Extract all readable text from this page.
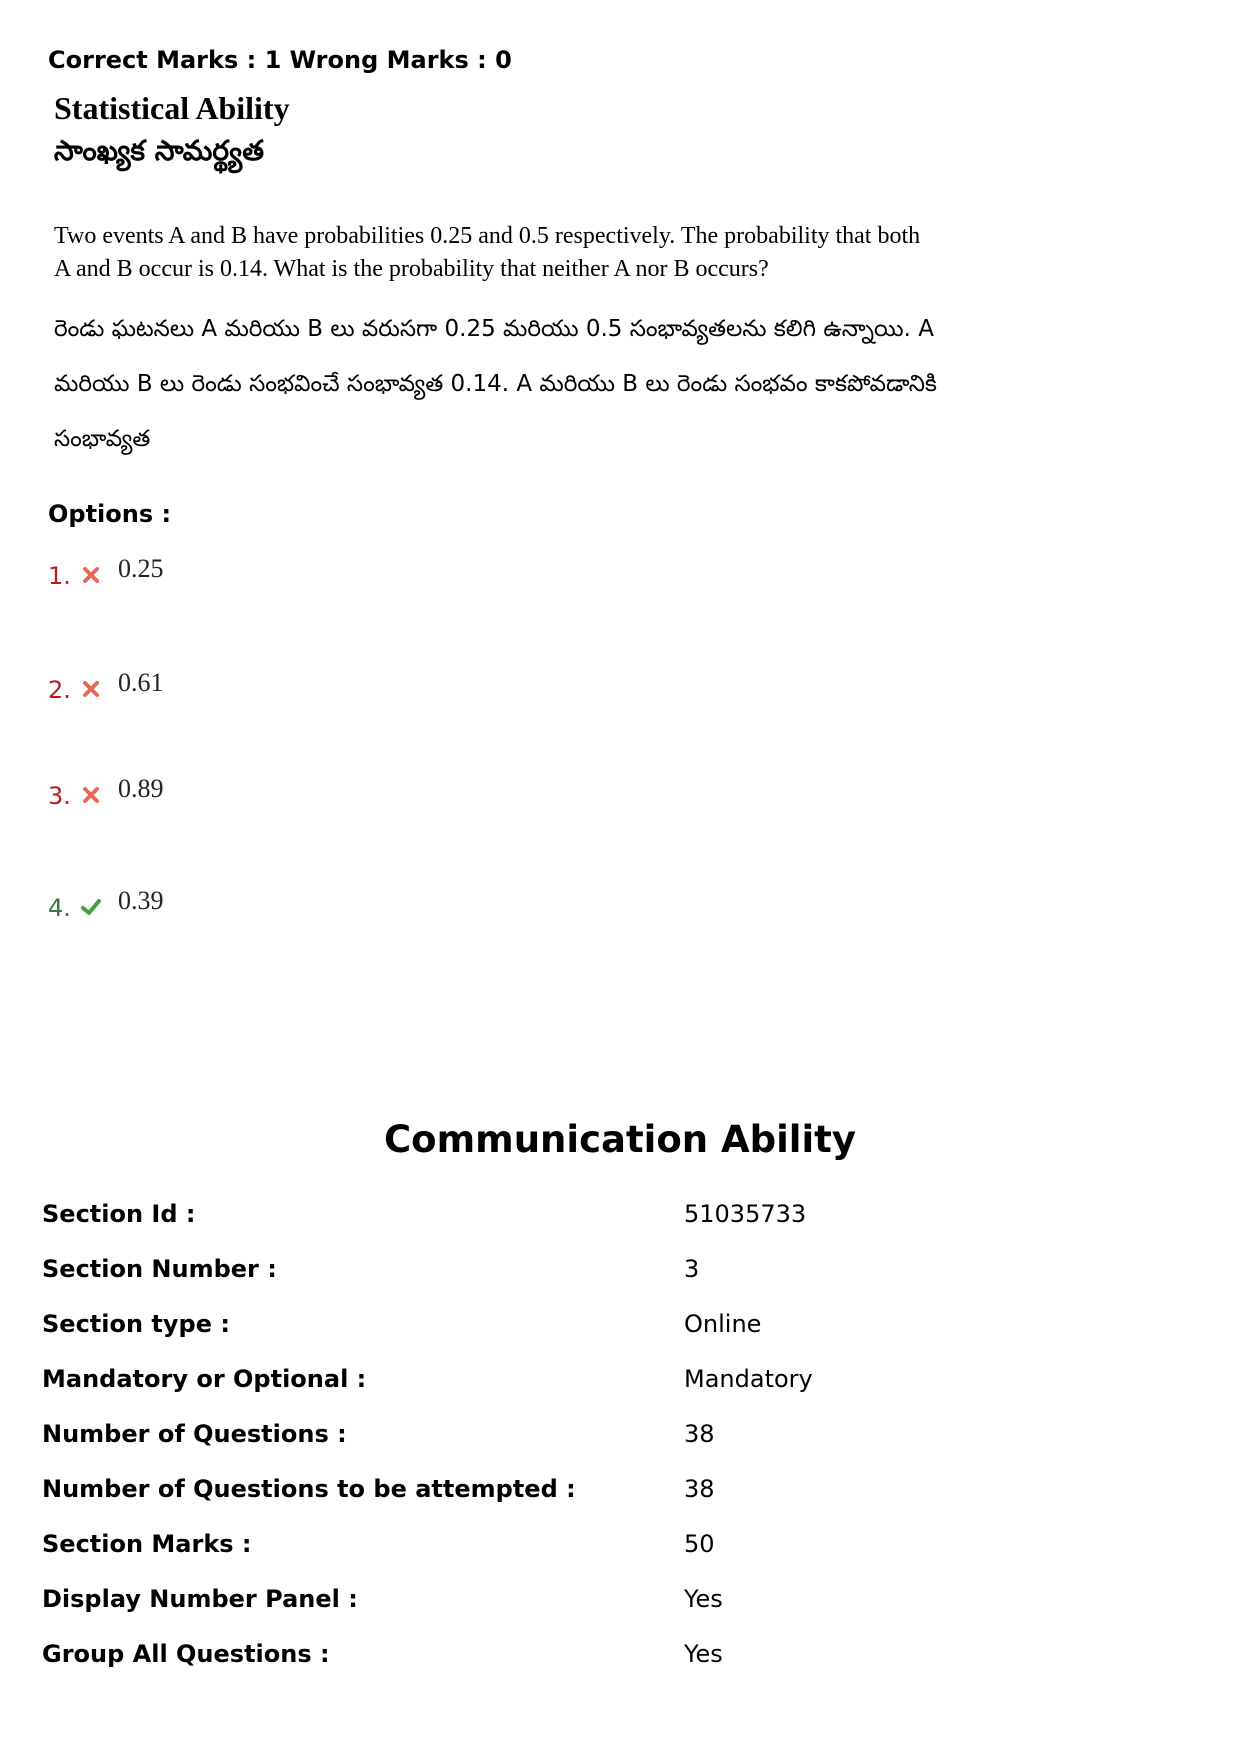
Correct Marks : 1 Wrong Marks : 0
Statistical Ability
సాంఖ్యక సామర్థ్యత
Two events A and B have probabilities 0.25 and 0.5 respectively. The probability that both A and B occur is 0.14. What is the probability that neither A nor B occurs?
రెండు ఘటనలు A మరియు B లు వరుసగా 0.25 మరియు 0.5 సంభావ్యతలను కలిగి ఉన్నాయి. A మరియు B లు రెండు సంభవించే సంభావ్యత 0.14. A మరియు B లు రెండు సంభవం కాకపోవడానికి సంభావ్యత
Options :
1. 0.25
2. 0.61
3. 0.89
4. 0.39
Communication Ability
Section Id :	51035733
Section Number :	3
Section type :	Online
Mandatory or Optional :	Mandatory
Number of Questions :	38
Number of Questions to be attempted :	38
Section Marks :	50
Display Number Panel :	Yes
Group All Questions :	Yes
